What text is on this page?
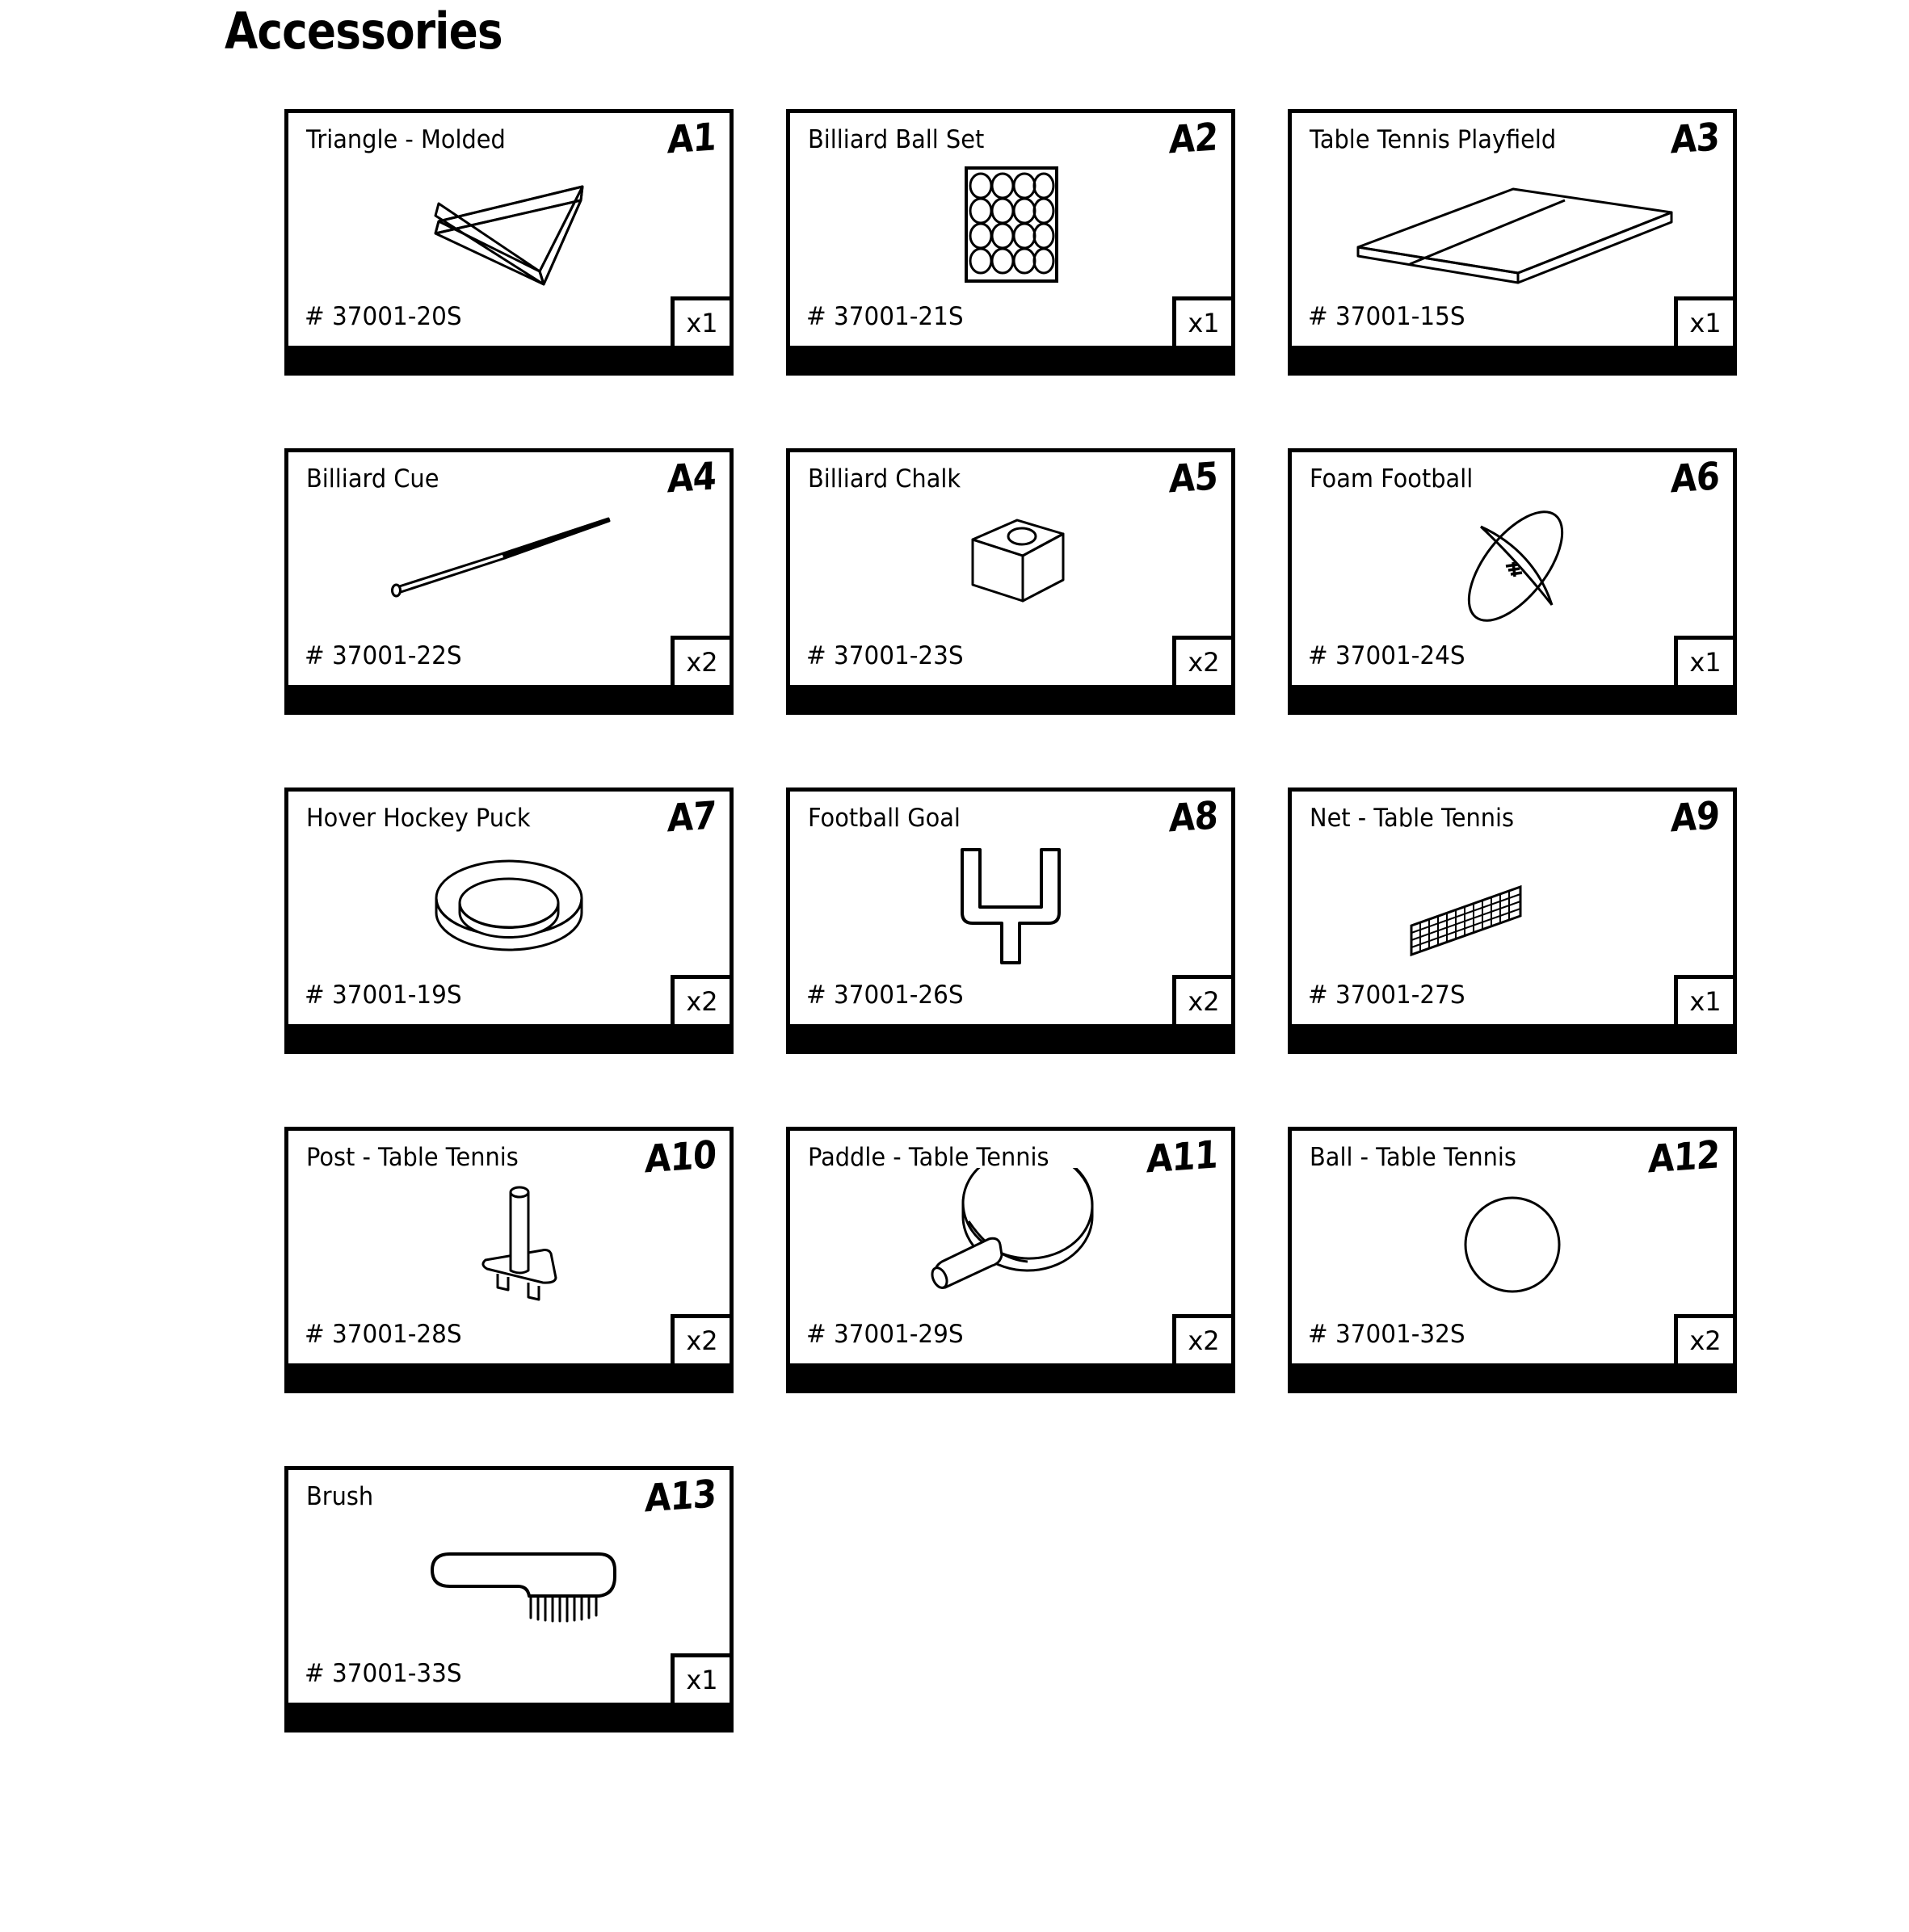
Accessories
Triangle - Molded	A1
# 37001-20S	x1
Billiard Ball Set	A2
# 37001-21S	x1
Table Tennis Playfield	A3
# 37001-15S	x1
Billiard Cue	A4
# 37001-22S	x2
Billiard Chalk	A5
# 37001-23S	x2
Foam Football	A6
# 37001-24S	x1
Hover Hockey Puck	A7
# 37001-19S	x2
Football Goal	A8
# 37001-26S	x2
Net - Table Tennis	A9
# 37001-27S	x1
Post - Table Tennis	A10
# 37001-28S	x2
Paddle - Table Tennis	A11
# 37001-29S	x2
Ball - Table Tennis	A12
# 37001-32S	x2
Brush	A13
# 37001-33S	x1
